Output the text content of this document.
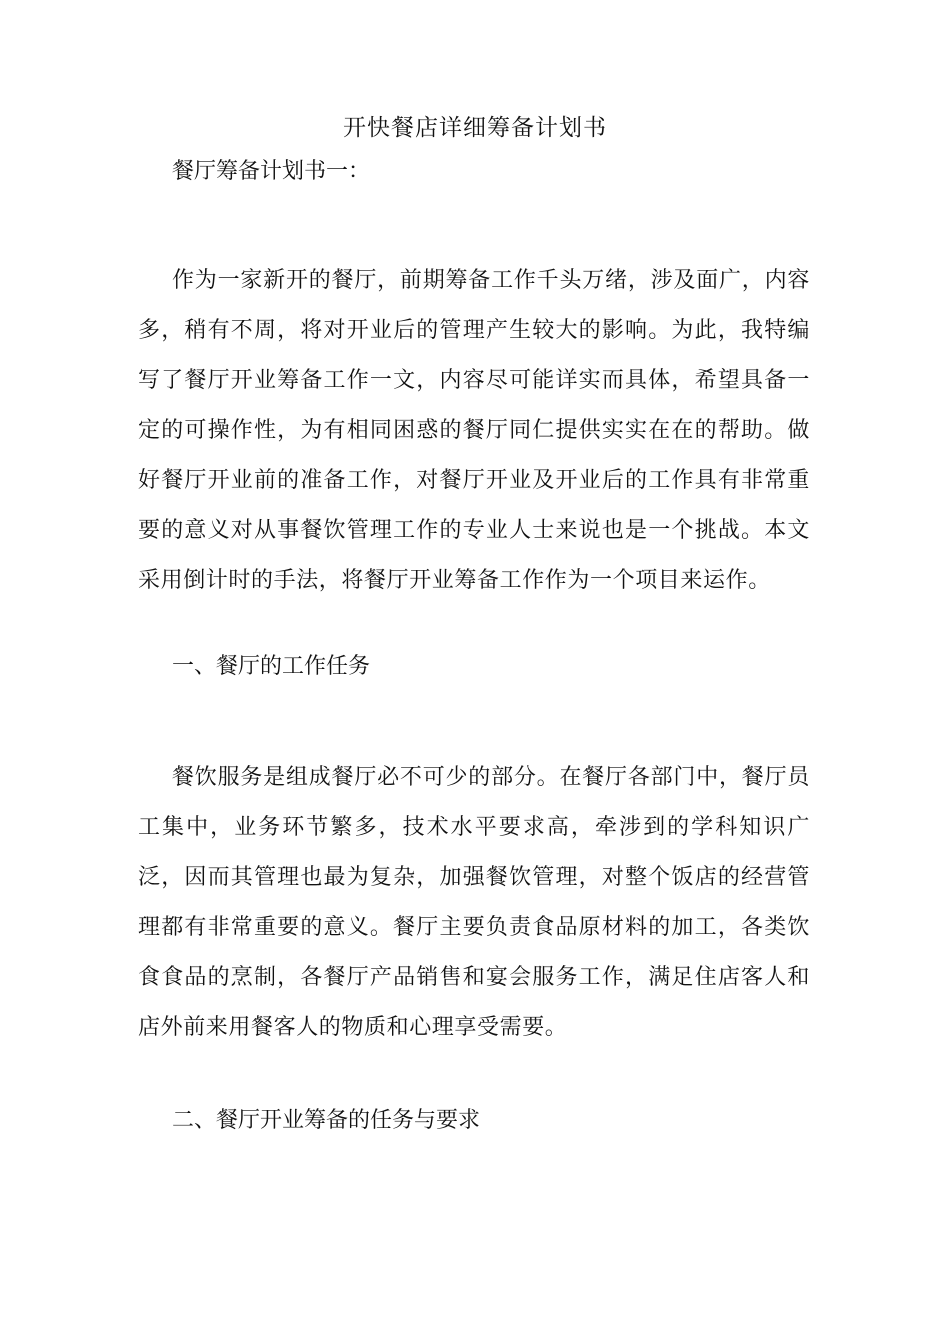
开快餐店详细筹备计划书

餐厅筹备计划书一：

作为一家新开的餐厅，前期筹备工作千头万绪，涉及面广，内容多，稍有不周，将对开业后的管理产生较大的影响。为此，我特编写了餐厅开业筹备工作一文，内容尽可能详实而具体，希望具备一定的可操作性，为有相同困惑的餐厅同仁提供实实在在的帮助。做好餐厅开业前的准备工作，对餐厅开业及开业后的工作具有非常重要的意义对从事餐饮管理工作的专业人士来说也是一个挑战。本文采用倒计时的手法，将餐厅开业筹备工作作为一个项目来运作。

一、餐厅的工作任务

餐饮服务是组成餐厅必不可少的部分。在餐厅各部门中，餐厅员工集中，业务环节繁多，技术水平要求高，牵涉到的学科知识广泛，因而其管理也最为复杂，加强餐饮管理，对整个饭店的经营管理都有非常重要的意义。餐厅主要负责食品原材料的加工，各类饮食食品的烹制，各餐厅产品销售和宴会服务工作，满足住店客人和店外前来用餐客人的物质和心理享受需要。

二、餐厅开业筹备的任务与要求
